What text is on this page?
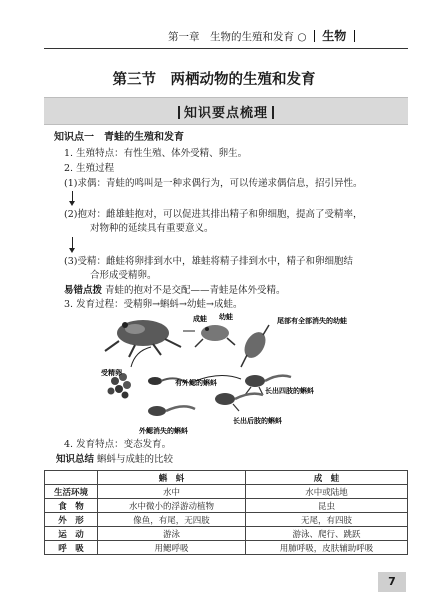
第一章　生物的生殖和发育 ○ 生物
第三节　两栖动物的生殖和发育
知识要点梳理
知识点一　青蛙的生殖和发育
1. 生殖特点：有性生殖、体外受精、卵生。
2. 生殖过程
(1)求偶：青蛙的鸣叫是一种求偶行为，可以传递求偶信息，招引异性。
(2)抱对：雌雄蛙抱对，可以促进其排出精子和卵细胞，提高了受精率，
对物种的延续具有重要意义。
(3)受精：雌蛙将卵排到水中，雄蛙将精子排到水中，精子和卵细胞结
合形成受精卵。
易错点拨 青蛙的抱对不是交配——青蛙是体外受精。
3. 发育过程：受精卵→蝌蚪→幼蛙→成蛙。
成蛙 幼蛙	尾部有全部消失的幼蛙
受精卵
有外鳃的蝌蚪
长出四肢的蝌蚪
长出后肢的蝌蚪
外鳃消失的蝌蚪
4. 发育特点：变态发育。
知识总结 蝌蚪与成蛙的比较
	蝌　蚪	成　蛙
生活环境	水中	水中或陆地
食　物	水中微小的浮游动植物	昆虫
外　形	像鱼，有尾，无四肢	无尾，有四肢
运　动	游泳	游泳、爬行、跳跃
呼　吸	用鳃呼吸	用肺呼吸，皮肤辅助呼吸
7
